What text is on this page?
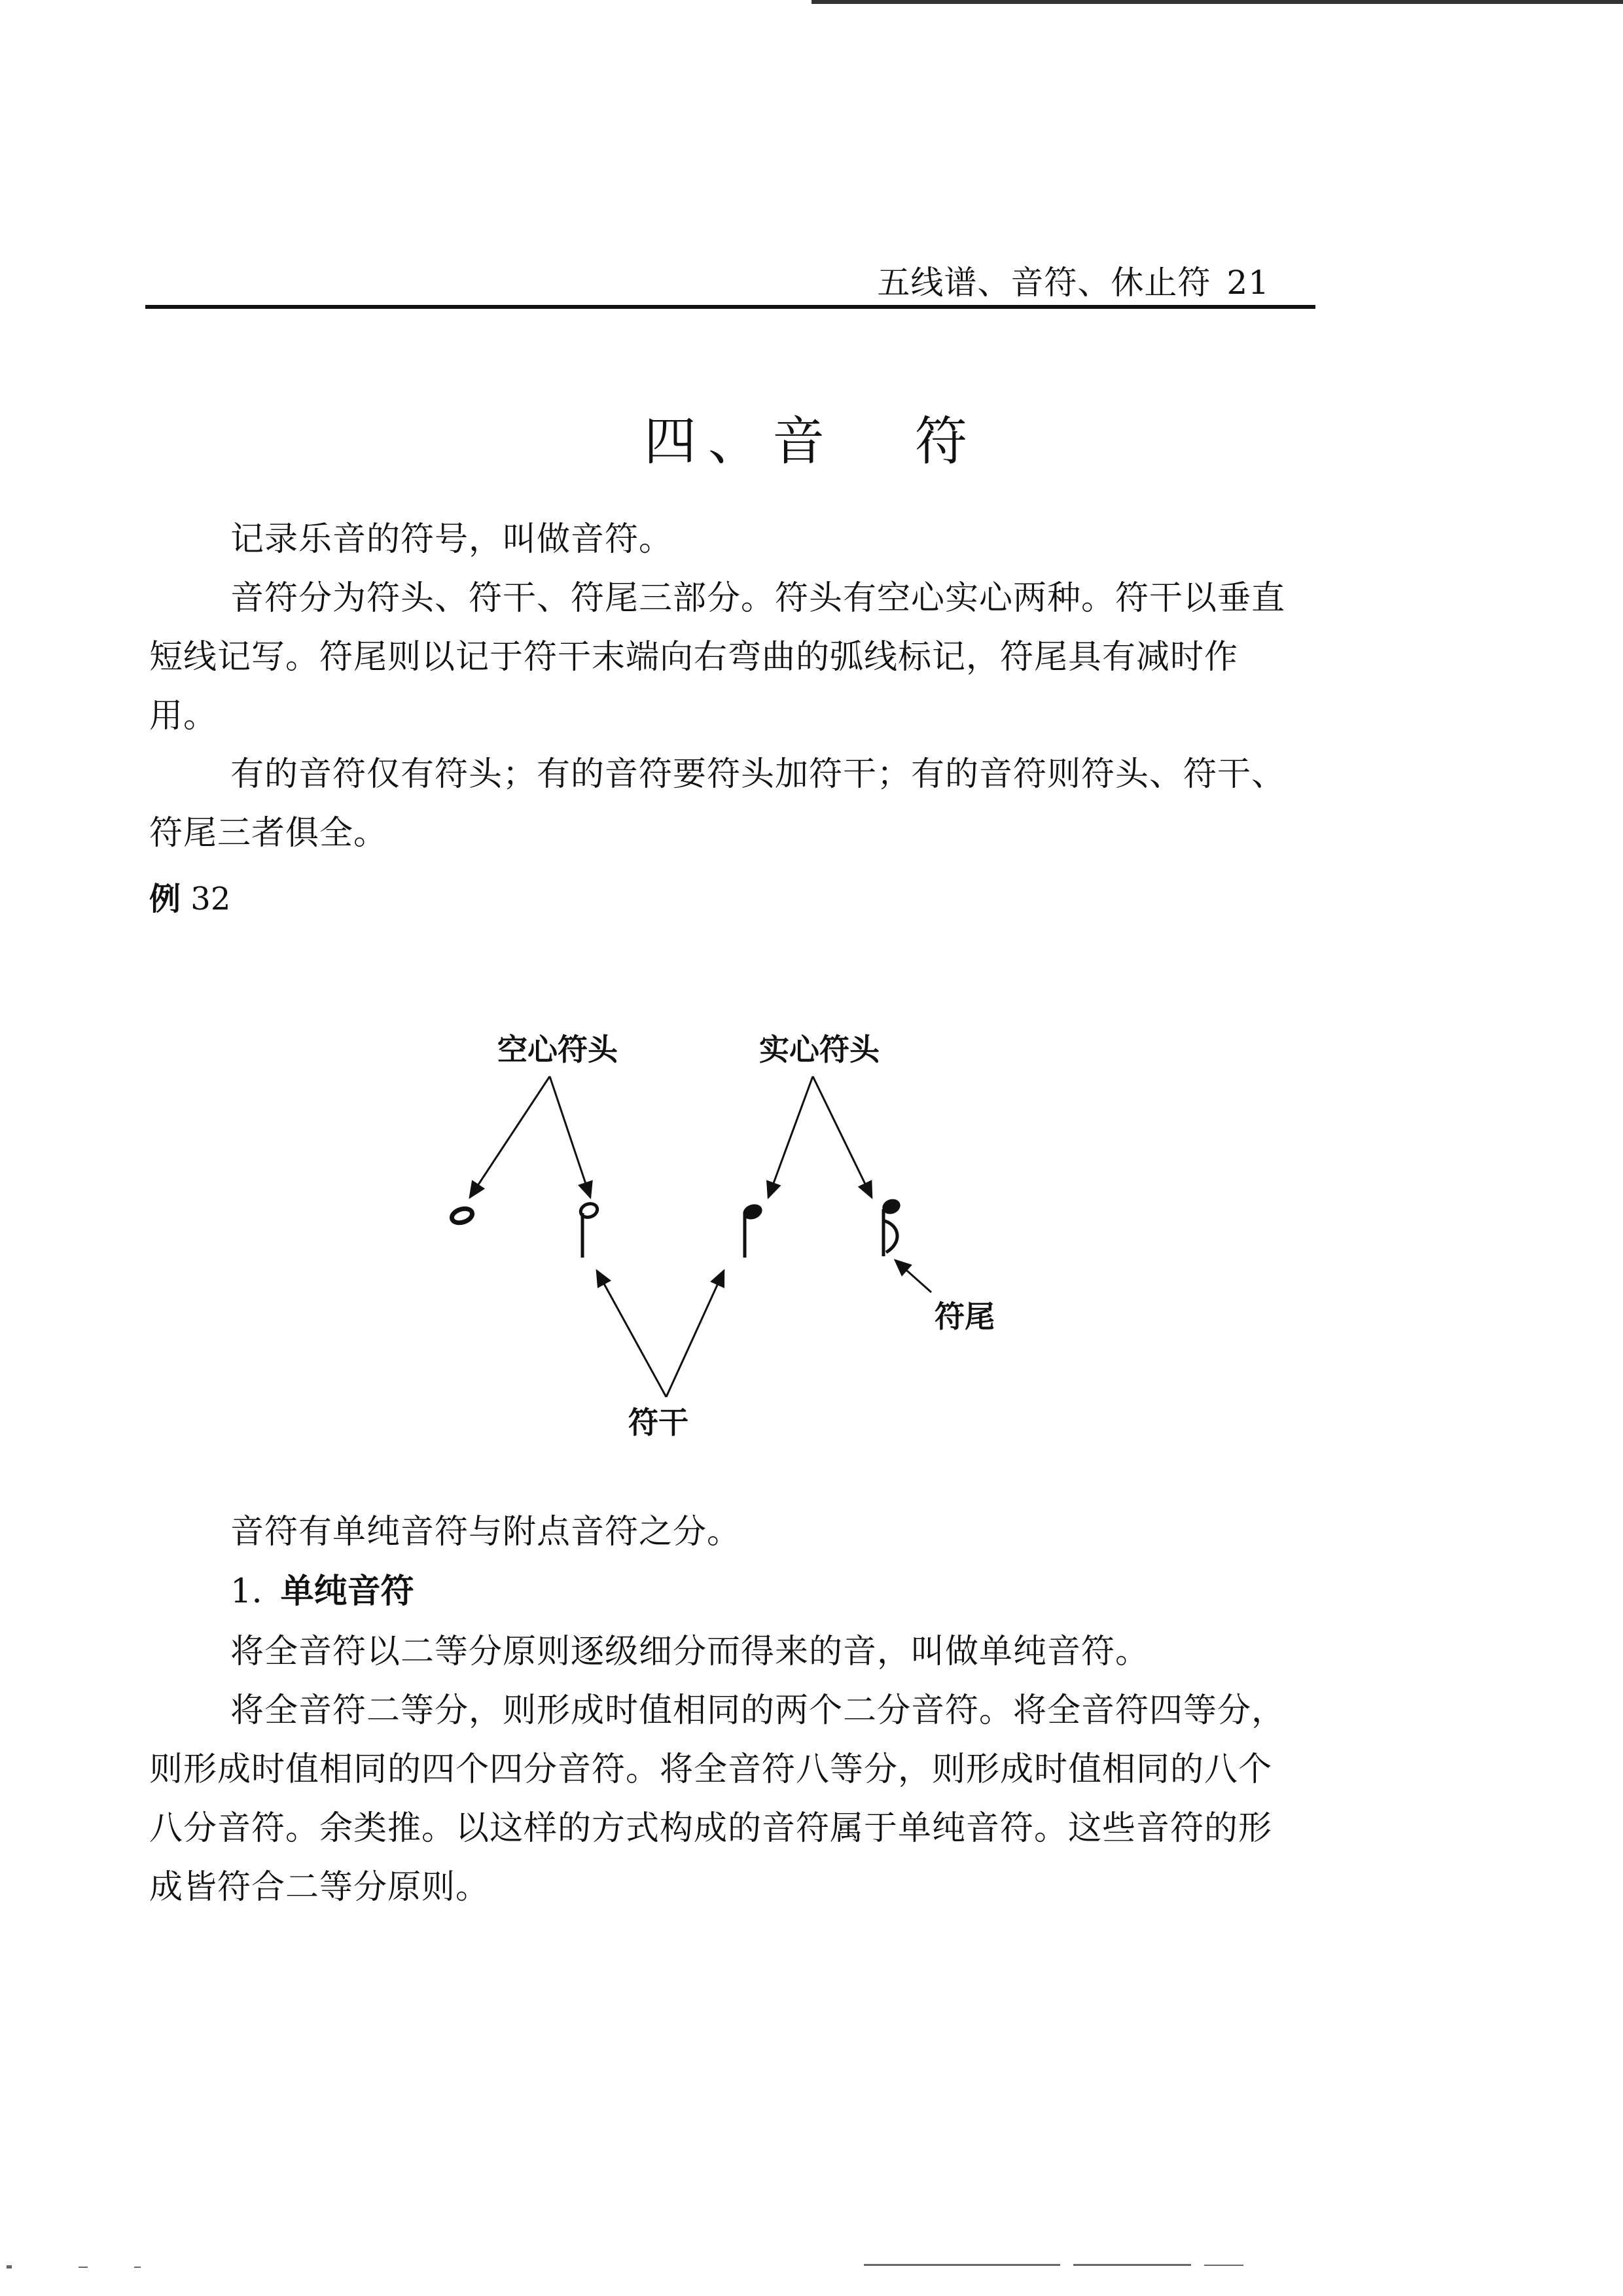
五线谱、音符、休止符 21
四、音 符

记录乐音的符号，叫做音符。

音符分为符头、符干、符尾三部分。符头有空心实心两种。符干以垂直短线记写。符尾则以记于符干末端向右弯曲的弧线标记，符尾具有减时作用。

有的音符仅有符头；有的音符要符头加符干；有的音符则符头、符干、符尾三者俱全。

例 32
空心符头	实心符头
符尾
符干

音符有单纯音符与附点音符之分。

1. 单纯音符

将全音符以二等分原则逐级细分而得来的音，叫做单纯音符。

将全音符二等分，则形成时值相同的两个二分音符。将全音符四等分，则形成时值相同的四个四分音符。将全音符八等分，则形成时值相同的八个八分音符。余类推。以这样的方式构成的音符属于单纯音符。这些音符的形成皆符合二等分原则。
